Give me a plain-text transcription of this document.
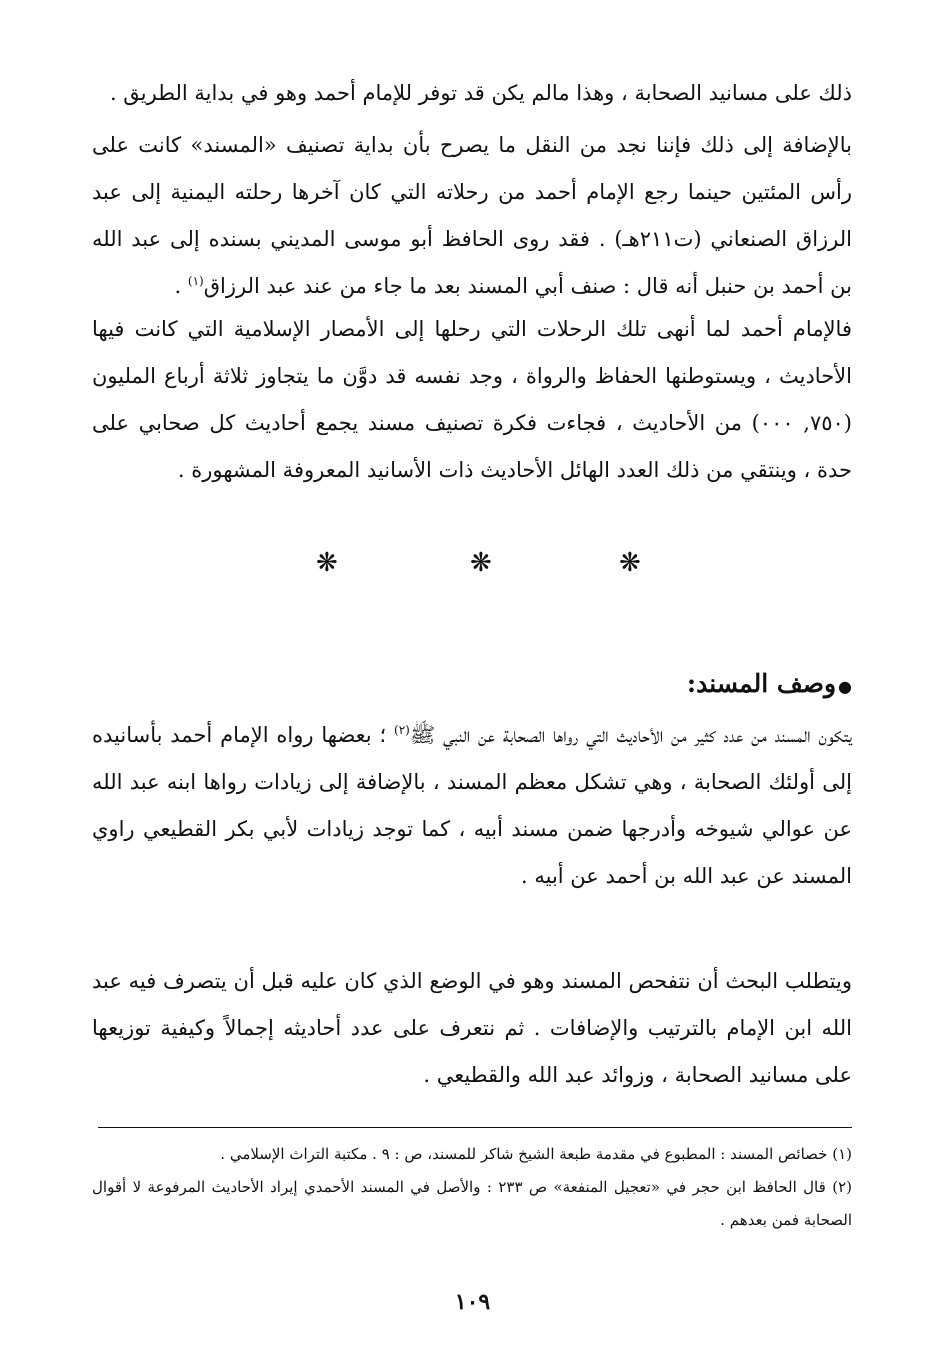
ذلك على مسانيد الصحابة ، وهذا مالم يكن قد توفر للإمام أحمد وهو في بداية الطريق .

بالإضافة إلى ذلك فإننا نجد من النقل ما يصرح بأن بداية تصنيف «المسند» كانت على رأس المئتين حينما رجع الإمام أحمد من رحلاته التي كان آخرها رحلته اليمنية إلى عبد الرزاق الصنعاني (ت٢١١هـ) . فقد روى الحافظ أبو موسى المديني بسنده إلى عبد الله بن أحمد بن حنبل أنه قال : صنف أبي المسند بعد ما جاء من عند عبد الرزاق$^{(١)}$ .

فالإمام أحمد لما أنهى تلك الرحلات التي رحلها إلى الأمصار الإسلامية التي كانت فيها الأحاديث ، ويستوطنها الحفاظ والرواة ، وجد نفسه قد دوَّن ما يتجاوز ثلاثة أرباع المليون (٧٥٠, ٠٠٠) من الأحاديث ، فجاءت فكرة تصنيف مسند يجمع أحاديث كل صحابي على حدة ، وينتقي من ذلك العدد الهائل الأحاديث ذات الأسانيد المعروفة المشهورة .

❋	❋	❋
●وصف المسند:

يتكون المسند من عدد كثير من الأحاديث التي رواها الصحابة عن النبي ﷺ$^{(٢)}$ ؛ بعضها رواه الإمام أحمد بأسانيده إلى أولئك الصحابة ، وهي تشكل معظم المسند ، بالإضافة إلى زيادات رواها ابنه عبد الله عن عوالي شيوخه وأدرجها ضمن مسند أبيه ، كما توجد زيادات لأبي بكر القطيعي راوي المسند عن عبد الله بن أحمد عن أبيه .

ويتطلب البحث أن نتفحص المسند وهو في الوضع الذي كان عليه قبل أن يتصرف فيه عبد الله ابن الإمام بالترتيب والإضافات . ثم نتعرف على عدد أحاديثه إجمالاً وكيفية توزيعها على مسانيد الصحابة ، وزوائد عبد الله والقطيعي .

(١) خصائص المسند : المطبوع في مقدمة طبعة الشيخ شاكر للمسند، ص : ٩ . مكتبة التراث الإسلامي .

(٢) قال الحافظ ابن حجر في «تعجيل المنفعة» ص ٢٣٣ : والأصل في المسند الأحمدي إيراد الأحاديث المرفوعة لا أقوال الصحابة فمن بعدهم .

١٠٩
